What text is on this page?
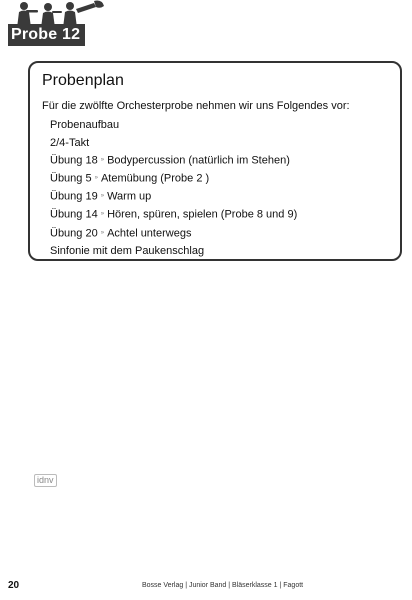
Probe 12
Probenplan

Für die zwölfte Orchesterprobe nehmen wir uns Folgendes vor:

Probenaufbau
2/4-Takt
Übung 18 » Bodypercussion (natürlich im Stehen)
Übung 5 » Atemübung (Probe 2 )
Übung 19 » Warm up
Übung 14 » Hören, spüren, spielen (Probe 8 und 9)
Übung 20 » Achtel unterwegs
Sinfonie mit dem Paukenschlag
idnv
20	Bosse Verlag | Junior Band | Bläserklasse 1 | Fagott
